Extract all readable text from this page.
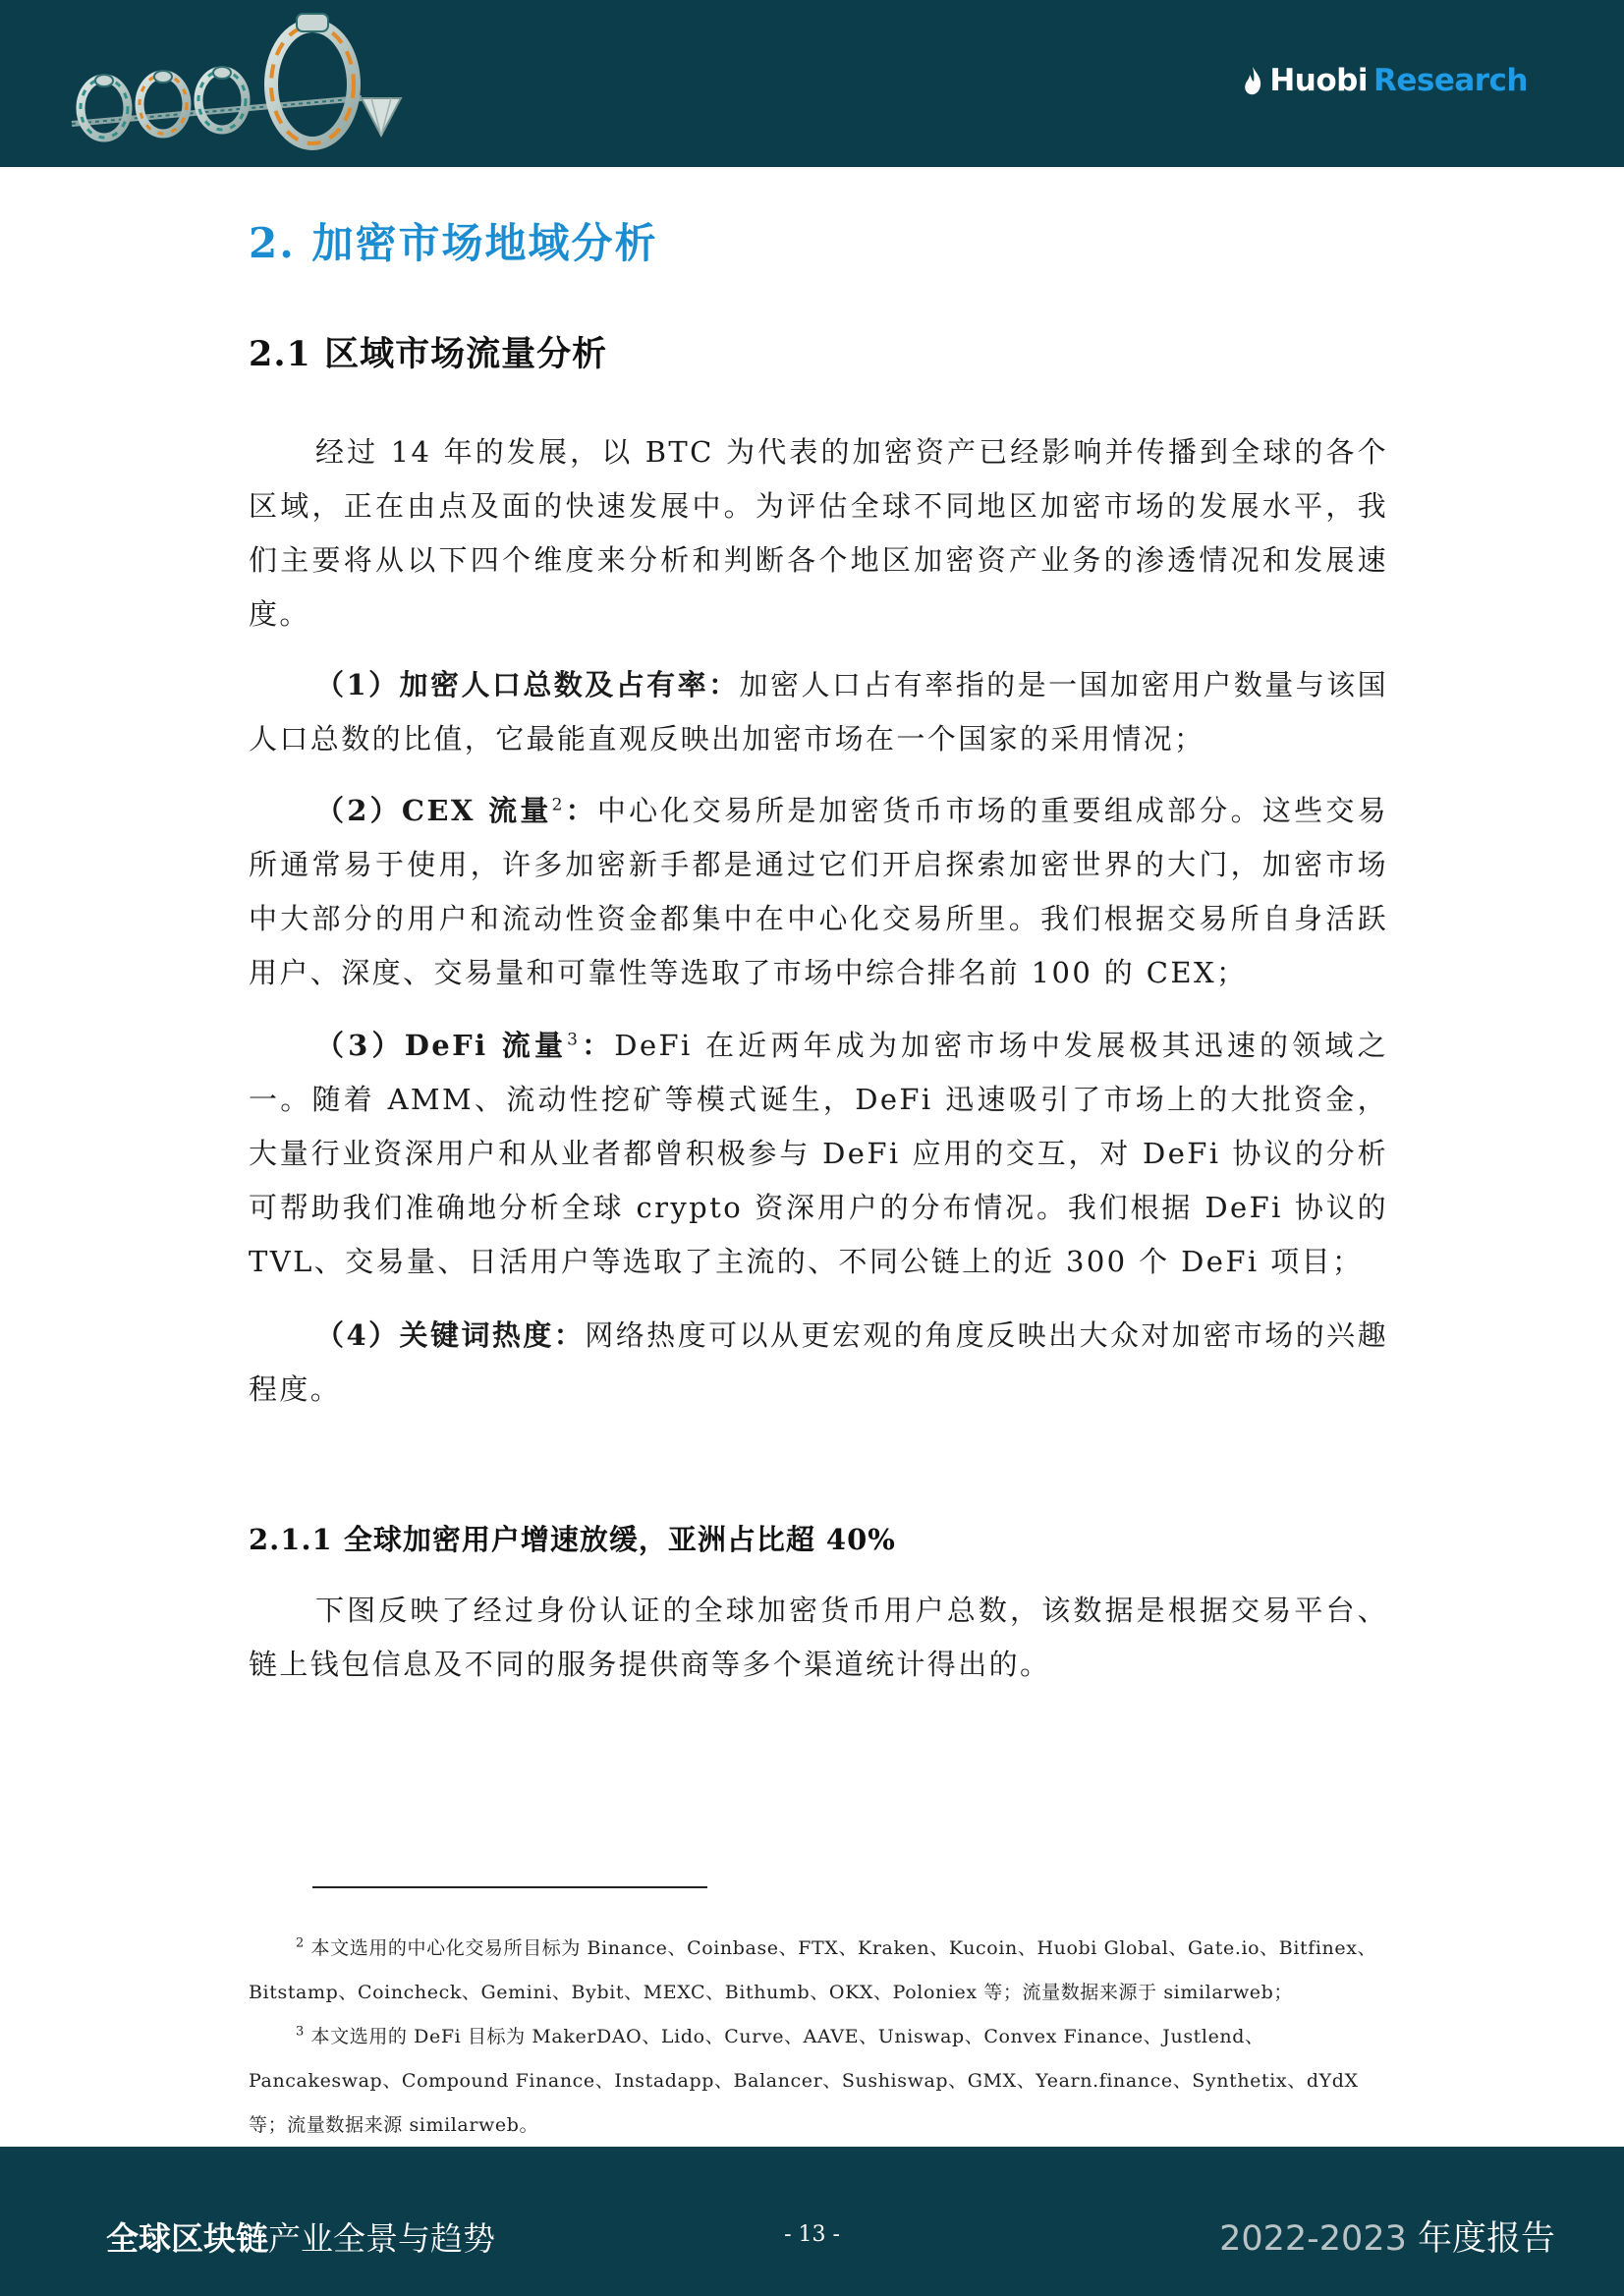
Huobi Research
2. 加密市场地域分析
2.1 区域市场流量分析
经过 14 年的发展，以 BTC 为代表的加密资产已经影响并传播到全球的各个区域，正在由点及面的快速发展中。为评估全球不同地区加密市场的发展水平，我们主要将从以下四个维度来分析和判断各个地区加密资产业务的渗透情况和发展速度。
（1）加密人口总数及占有率：加密人口占有率指的是一国加密用户数量与该国人口总数的比值，它最能直观反映出加密市场在一个国家的采用情况；
（2）CEX 流量$^2$：中心化交易所是加密货币市场的重要组成部分。这些交易所通常易于使用，许多加密新手都是通过它们开启探索加密世界的大门，加密市场中大部分的用户和流动性资金都集中在中心化交易所里。我们根据交易所自身活跃用户、深度、交易量和可靠性等选取了市场中综合排名前 100 的 CEX；
（3）DeFi 流量$^3$：DeFi 在近两年成为加密市场中发展极其迅速的领域之一。随着 AMM、流动性挖矿等模式诞生，DeFi 迅速吸引了市场上的大批资金，大量行业资深用户和从业者都曾积极参与 DeFi 应用的交互，对 DeFi 协议的分析可帮助我们准确地分析全球 crypto 资深用户的分布情况。我们根据 DeFi 协议的 TVL、交易量、日活用户等选取了主流的、不同公链上的近 300 个 DeFi 项目；
（4）关键词热度：网络热度可以从更宏观的角度反映出大众对加密市场的兴趣程度。
2.1.1 全球加密用户增速放缓，亚洲占比超 40%
下图反映了经过身份认证的全球加密货币用户总数，该数据是根据交易平台、链上钱包信息及不同的服务提供商等多个渠道统计得出的。
$^2$ 本文选用的中心化交易所目标为 Binance、Coinbase、FTX、Kraken、Kucoin、Huobi Global、Gate.io、Bitfinex、Bitstamp、Coincheck、Gemini、Bybit、MEXC、Bithumb、OKX、Poloniex 等；流量数据来源于 similarweb；
$^3$ 本文选用的 DeFi 目标为 MakerDAO、Lido、Curve、AAVE、Uniswap、Convex Finance、Justlend、Pancakeswap、Compound Finance、Instadapp、Balancer、Sushiswap、GMX、Yearn.finance、Synthetix、dYdX 等；流量数据来源 similarweb。
全球区块链产业全景与趋势	- 13 -	2022-2023 年度报告
